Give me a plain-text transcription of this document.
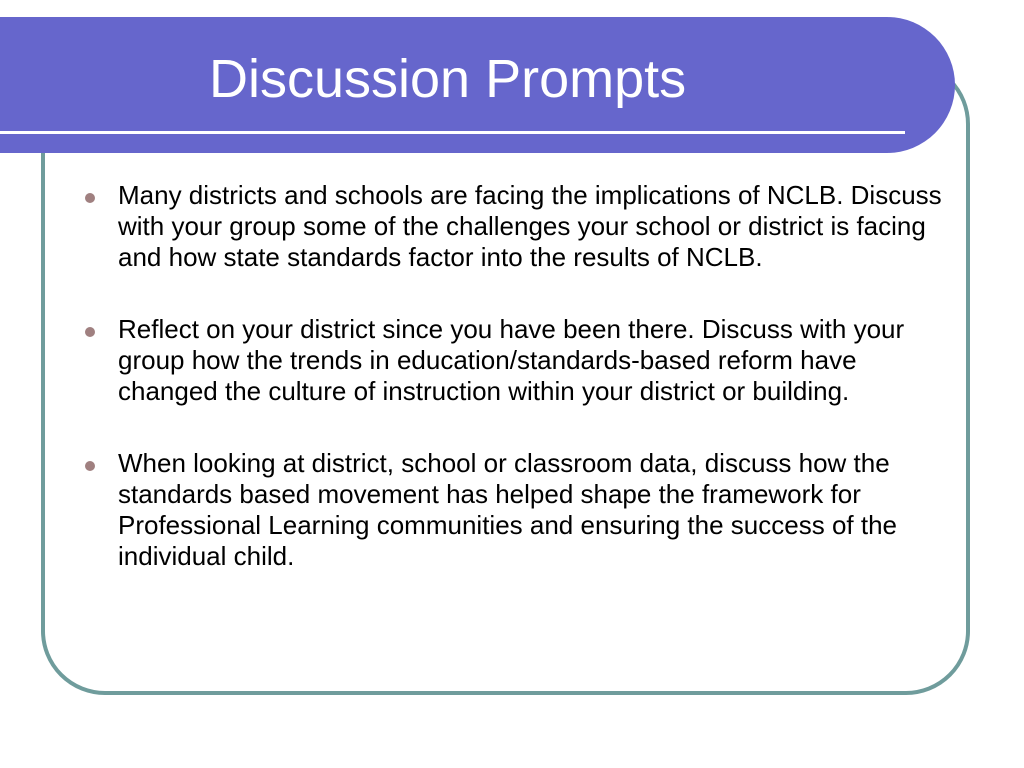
Discussion Prompts
Many districts and schools are facing the implications of NCLB. Discuss with your group some of the challenges your school or district is facing and how state standards factor into the results of NCLB.
Reflect on your district since you have been there. Discuss with your group how the trends in education/standards-based reform have changed the culture of instruction within your district or building.
When looking at district, school or classroom data, discuss how the standards based movement has helped shape the framework for Professional Learning communities and ensuring the success of the individual child.
